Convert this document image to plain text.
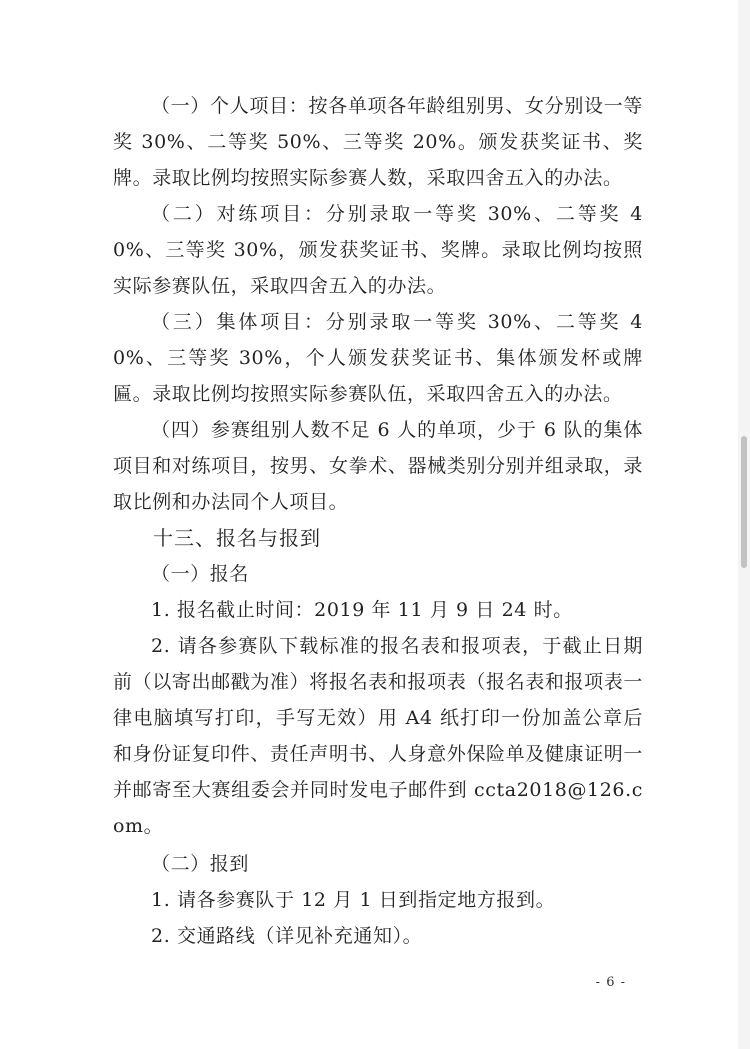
（一）个人项目：按各单项各年龄组别男、女分别设一等奖 30%、二等奖 50%、三等奖 20%。颁发获奖证书、奖牌。录取比例均按照实际参赛人数，采取四舍五入的办法。

（二）对练项目：分别录取一等奖 30%、二等奖 40%、三等奖 30%，颁发获奖证书、奖牌。录取比例均按照实际参赛队伍，采取四舍五入的办法。

（三）集体项目：分别录取一等奖 30%、二等奖 40%、三等奖 30%，个人颁发获奖证书、集体颁发杯或牌匾。录取比例均按照实际参赛队伍，采取四舍五入的办法。

（四）参赛组别人数不足 6 人的单项，少于 6 队的集体项目和对练项目，按男、女拳术、器械类别分别并组录取，录取比例和办法同个人项目。

十三、报名与报到

（一）报名

1. 报名截止时间：2019 年 11 月 9 日 24 时。

2. 请各参赛队下载标准的报名表和报项表，于截止日期前（以寄出邮戳为准）将报名表和报项表（报名表和报项表一律电脑填写打印，手写无效）用 A4 纸打印一份加盖公章后和身份证复印件、责任声明书、人身意外保险单及健康证明一并邮寄至大赛组委会并同时发电子邮件到 ccta2018@126.com。

（二）报到

1. 请各参赛队于 12 月 1 日到指定地方报到。

2. 交通路线（详见补充通知）。

- 6 -
